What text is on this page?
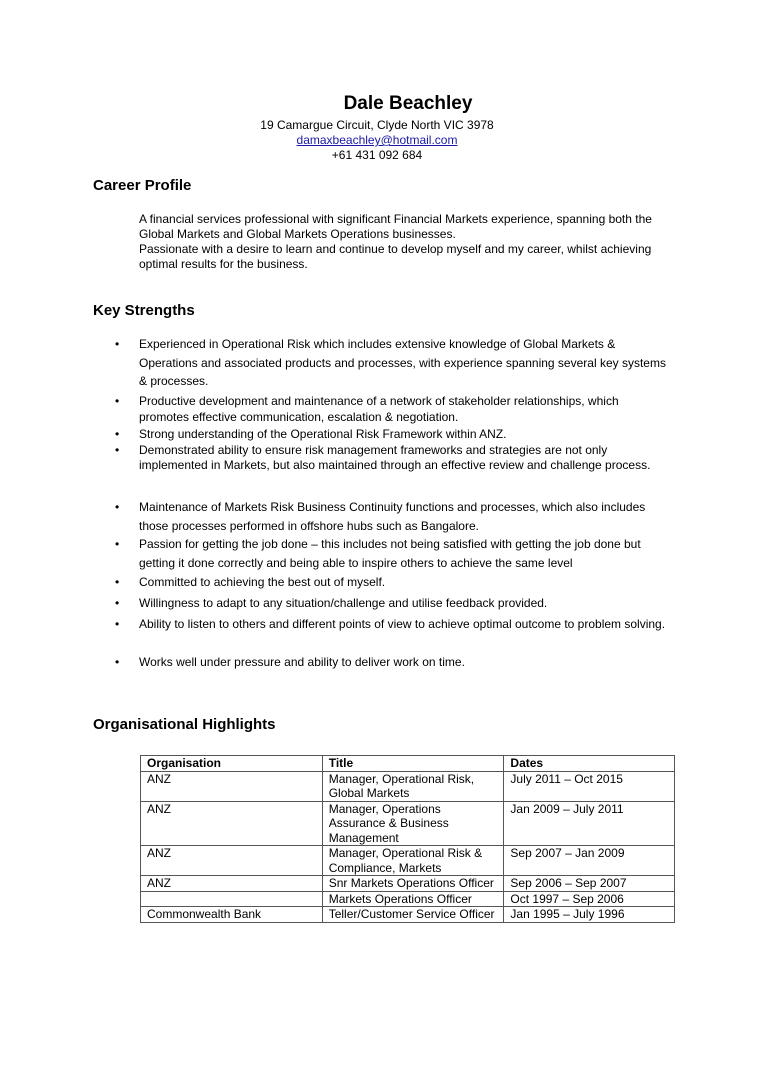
Dale Beachley
19 Camargue Circuit, Clyde North VIC 3978
damaxbeachley@hotmail.com
+61 431 092 684
Career Profile

A financial services professional with significant Financial Markets experience, spanning both the Global Markets and Global Markets Operations businesses.

Passionate with a desire to learn and continue to develop myself and my career, whilst achieving optimal results for the business.

Key Strengths
•	Experienced in Operational Risk which includes extensive knowledge of Global Markets & Operations and associated products and processes, with experience spanning several key systems & processes.
•	Productive development and maintenance of a network of stakeholder relationships, which promotes effective communication, escalation & negotiation.
•	Strong understanding of the Operational Risk Framework within ANZ.
•	Demonstrated ability to ensure risk management frameworks and strategies are not only implemented in Markets, but also maintained through an effective review and challenge process.
•	Maintenance of Markets Risk Business Continuity functions and processes, which also includes those processes performed in offshore hubs such as Bangalore.
•	Passion for getting the job done – this includes not being satisfied with getting the job done but getting it done correctly and being able to inspire others to achieve the same level
•	Committed to achieving the best out of myself.
•	Willingness to adapt to any situation/challenge and utilise feedback provided.
•	Ability to listen to others and different points of view to achieve optimal outcome to problem solving.
•	Works well under pressure and ability to deliver work on time.
Organisational Highlights
Organisation	Title	Dates
ANZ	Manager, Operational Risk, Global Markets	July 2011 – Oct 2015
ANZ	Manager, Operations Assurance & Business Management	Jan 2009 – July 2011
ANZ	Manager, Operational Risk & Compliance, Markets	Sep 2007 – Jan 2009
ANZ	Snr Markets Operations Officer	Sep 2006 – Sep 2007
	Markets Operations Officer	Oct 1997 – Sep 2006
Commonwealth Bank	Teller/Customer Service Officer	Jan 1995 – July 1996
